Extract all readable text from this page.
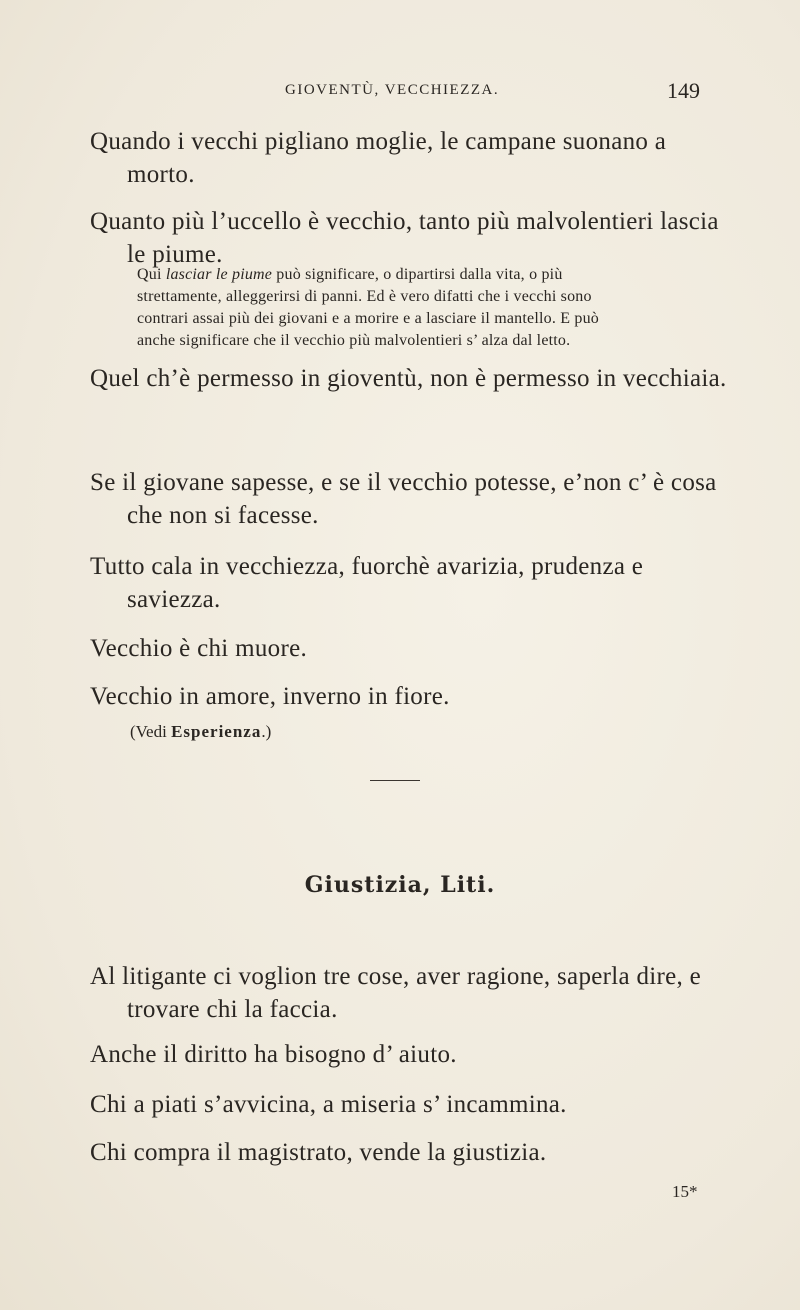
GIOVENTÙ, VECCHIEZZA.	149
Quando i vecchi pigliano moglie, le campane suonano a morto.
Quanto più l’uccello è vecchio, tanto più malvolentieri lascia le piume.
Qui lasciar le piume può significare, o dipartirsi dalla vita, o più
strettamente, alleggerirsi di panni. Ed è vero difatti che i vecchi sono
contrari assai più dei giovani e a morire e a lasciare il mantello. E può
anche significare che il vecchio più malvolentieri s’ alza dal letto.
Quel ch’è permesso in gioventù, non è permesso in vecchiaia.
Se il giovane sapesse, e se il vecchio potesse, e’non c’ è cosa che non si facesse.
Tutto cala in vecchiezza, fuorchè avarizia, prudenza e saviezza.
Vecchio è chi muore.
Vecchio in amore, inverno in fiore.
(Vedi Esperienza.)
Giustizia, Liti.
Al litigante ci voglion tre cose, aver ragione, saperla dire, e trovare chi la faccia.
Anche il diritto ha bisogno d’ aiuto.
Chi a piati s’avvicina, a miseria s’ incammina.
Chi compra il magistrato, vende la giustizia.
15*
